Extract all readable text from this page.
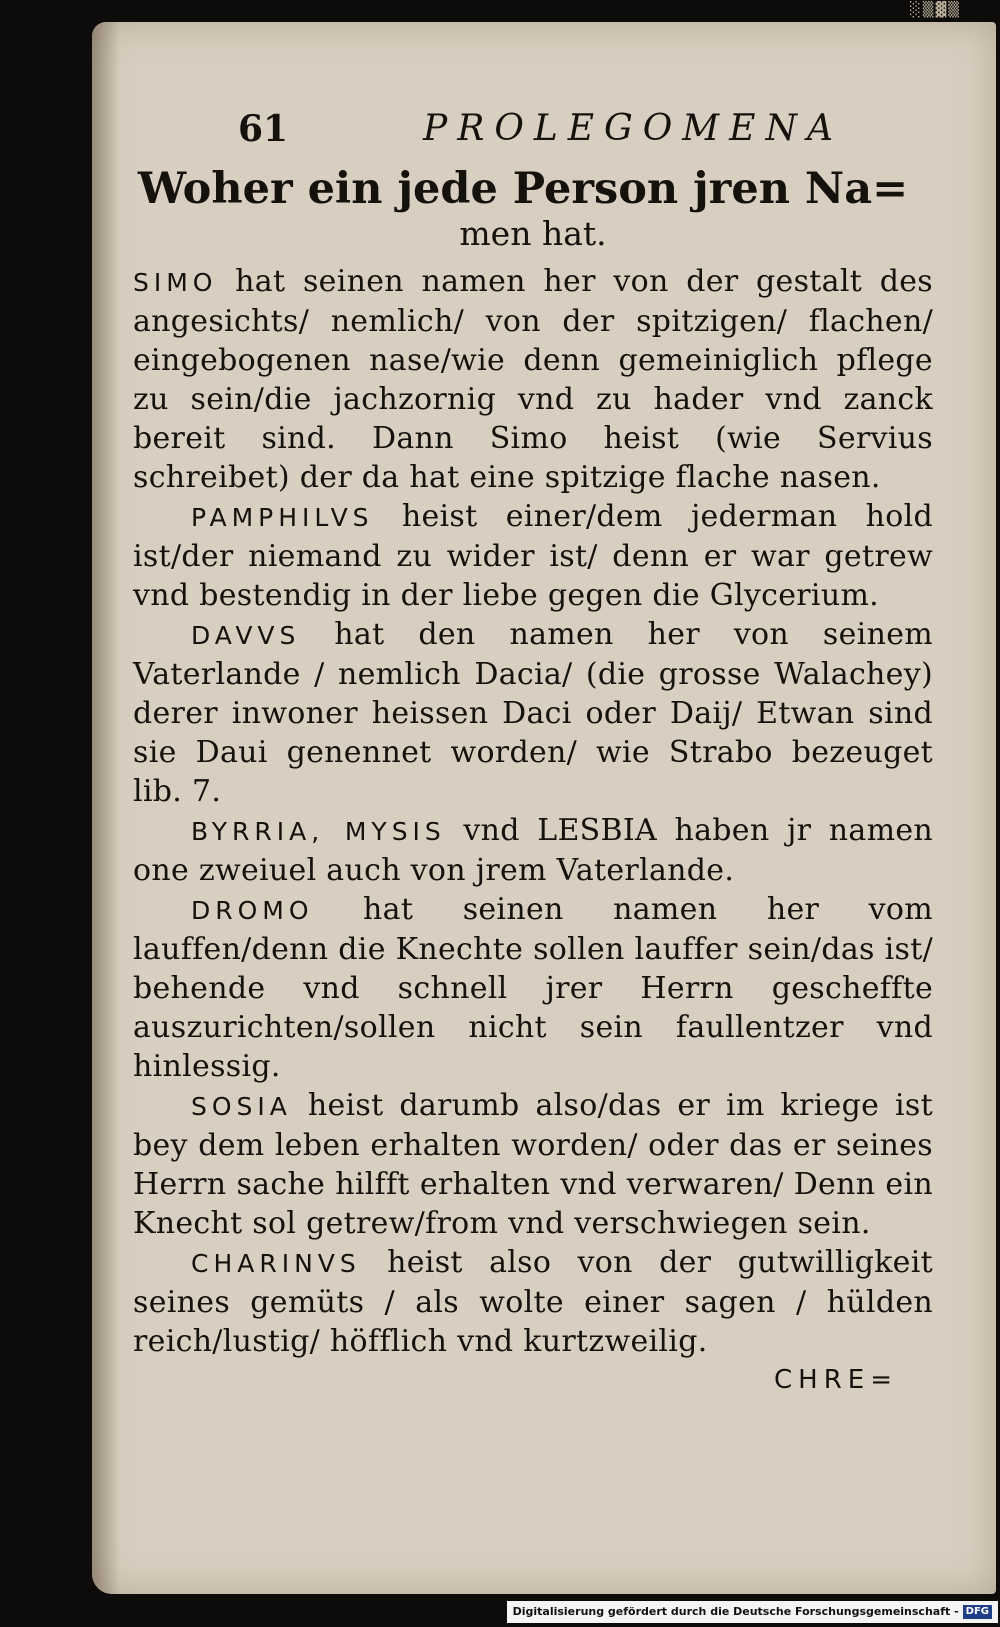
░▒▓▒
61	PROLEGOMENA

Woher ein jede Person jren Na=

men hat.

SIMO hat seinen namen her von der gestalt des angesichts/ nemlich/ von der spitzigen/ flachen/ eingebogenen nase/wie denn gemeiniglich pflege zu sein/die jachzornig vnd zu hader vnd zanck bereit sind. Dann Simo heist (wie Servius schreibet) der da hat eine spitzige flache nasen.

PAMPHILVS heist einer/dem jederman hold ist/der niemand zu wider ist/ denn er war getrew vnd bestendig in der liebe gegen die Glycerium.

DAVVS hat den namen her von seinem Vaterlande / nemlich Dacia/ (die grosse Walachey) derer inwoner heissen Daci oder Daij/ Etwan sind sie Daui genennet worden/ wie Strabo bezeuget lib. 7.

BYRRIA, MYSIS vnd LESBIA haben jr namen one zweiuel auch von jrem Vaterlande.

DROMO hat seinen namen her vom lauffen/denn die Knechte sollen lauffer sein/das ist/ behende vnd schnell jrer Herrn gescheffte auszurichten/sollen nicht sein faullentzer vnd hinlessig.

SOSIA heist darumb also/das er im kriege ist bey dem leben erhalten worden/ oder das er seines Herrn sache hilfft erhalten vnd verwaren/ Denn ein Knecht sol getrew/from vnd verschwiegen sein.

CHARINVS heist also von der gutwilligkeit seines gemüts / als wolte einer sagen / hülden reich/lustig/ höfflich vnd kurtzweilig.

CHRE=

Digitalisierung gefördert durch die Deutsche Forschungsgemeinschaft - DFG
